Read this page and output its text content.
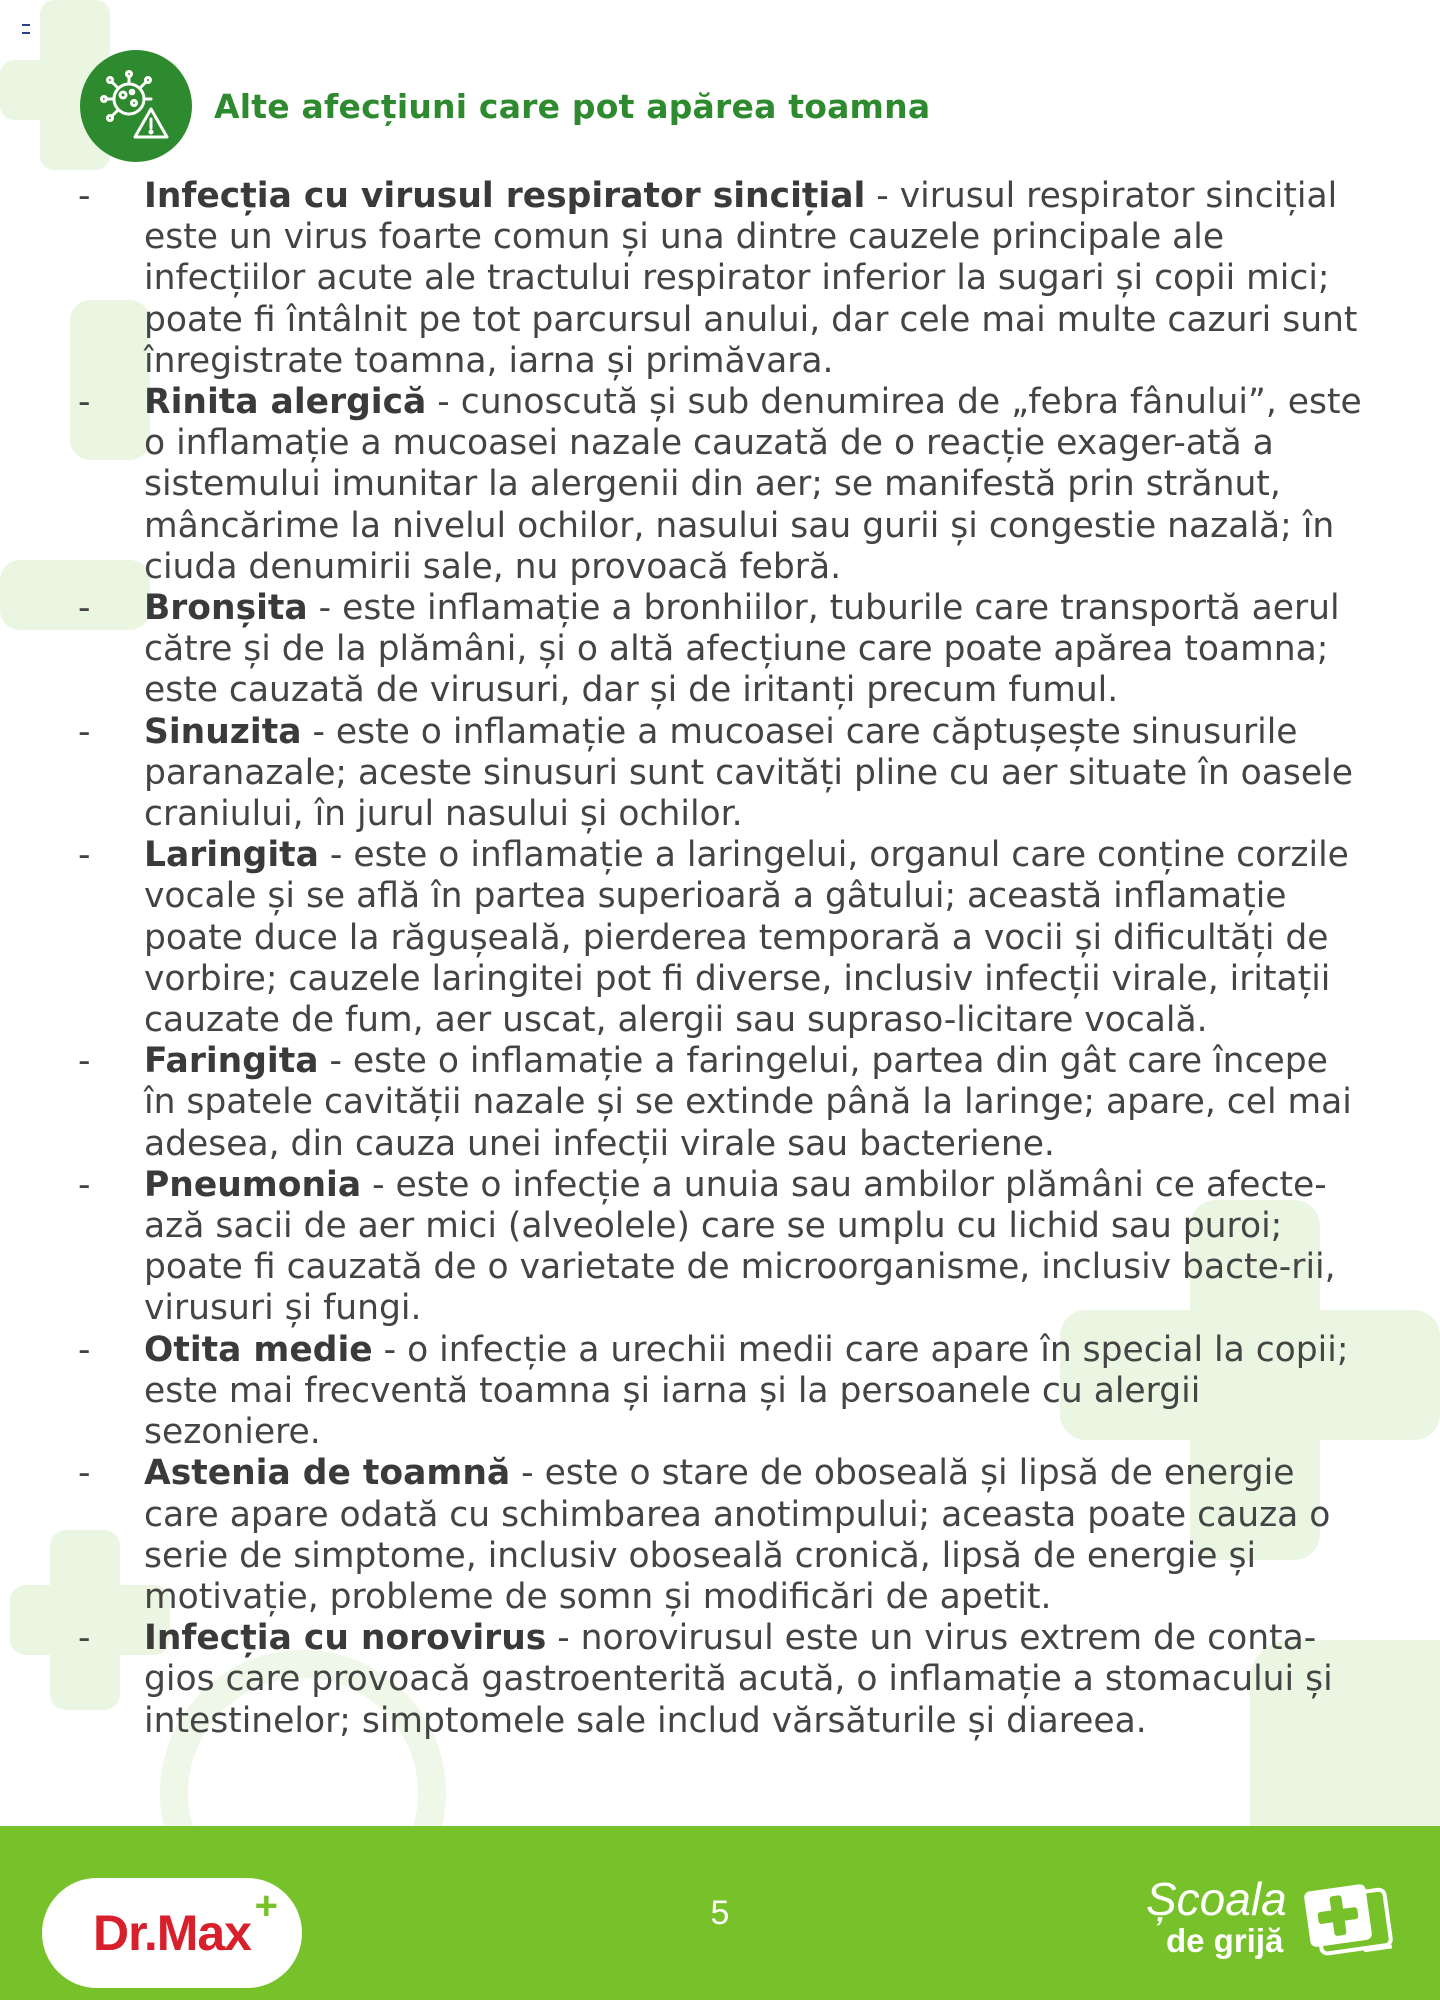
Alte afecțiuni care pot apărea toamna
-	Infecția cu virusul respirator sincițial - virusul respirator sincițial este un virus foarte comun și una dintre cauzele principale ale infecțiilor acute ale tractului respirator inferior la sugari și copii mici; poate fi întâlnit pe tot parcursul anului, dar cele mai multe cazuri sunt înregistrate toamna, iarna și primăvara.
-	Rinita alergică - cunoscută și sub denumirea de „febra fânului”, este o inflamație a mucoasei nazale cauzată de o reacție exager-ată a sistemului imunitar la alergenii din aer; se manifestă prin strănut, mâncărime la nivelul ochilor, nasului sau gurii și congestie nazală; în ciuda denumirii sale, nu provoacă febră.
-	Bronșita - este inflamație a bronhiilor, tuburile care transportă aerul către și de la plămâni, și o altă afecțiune care poate apărea toamna; este cauzată de virusuri, dar și de iritanți precum fumul.
-	Sinuzita - este o inflamație a mucoasei care căptușește sinusurile paranazale; aceste sinusuri sunt cavități pline cu aer situate în oasele craniului, în jurul nasului și ochilor.
-	Laringita - este o inflamație a laringelui, organul care conține corzile vocale și se află în partea superioară a gâtului; această inflamație poate duce la răgușeală, pierderea temporară a vocii și dificultăți de vorbire; cauzele laringitei pot fi diverse, inclusiv infecții virale, iritații cauzate de fum, aer uscat, alergii sau supraso-licitare vocală.
-	Faringita - este o inflamație a faringelui, partea din gât care începe în spatele cavității nazale și se extinde până la laringe; apare, cel mai adesea, din cauza unei infecții virale sau bacteriene.
-	Pneumonia - este o infecție a unuia sau ambilor plămâni ce afecte-ază sacii de aer mici (alveolele) care se umplu cu lichid sau puroi; poate fi cauzată de o varietate de microorganisme, inclusiv bacte-rii, virusuri și fungi.
-	Otita medie - o infecție a urechii medii care apare în special la copii; este mai frecventă toamna și iarna și la persoanele cu alergii sezoniere.
-	Astenia de toamnă - este o stare de oboseală și lipsă de energie care apare odată cu schimbarea anotimpului; aceasta poate cauza o serie de simptome, inclusiv oboseală cronică, lipsă de energie și motivație, probleme de somn și modificări de apetit.
-	Infecția cu norovirus - norovirusul este un virus extrem de conta-gios care provoacă gastroenterită acută, o inflamație a stomacului și intestinelor; simptomele sale includ vărsăturile și diareea.
Dr.Max +	5	Școala
de grijă
